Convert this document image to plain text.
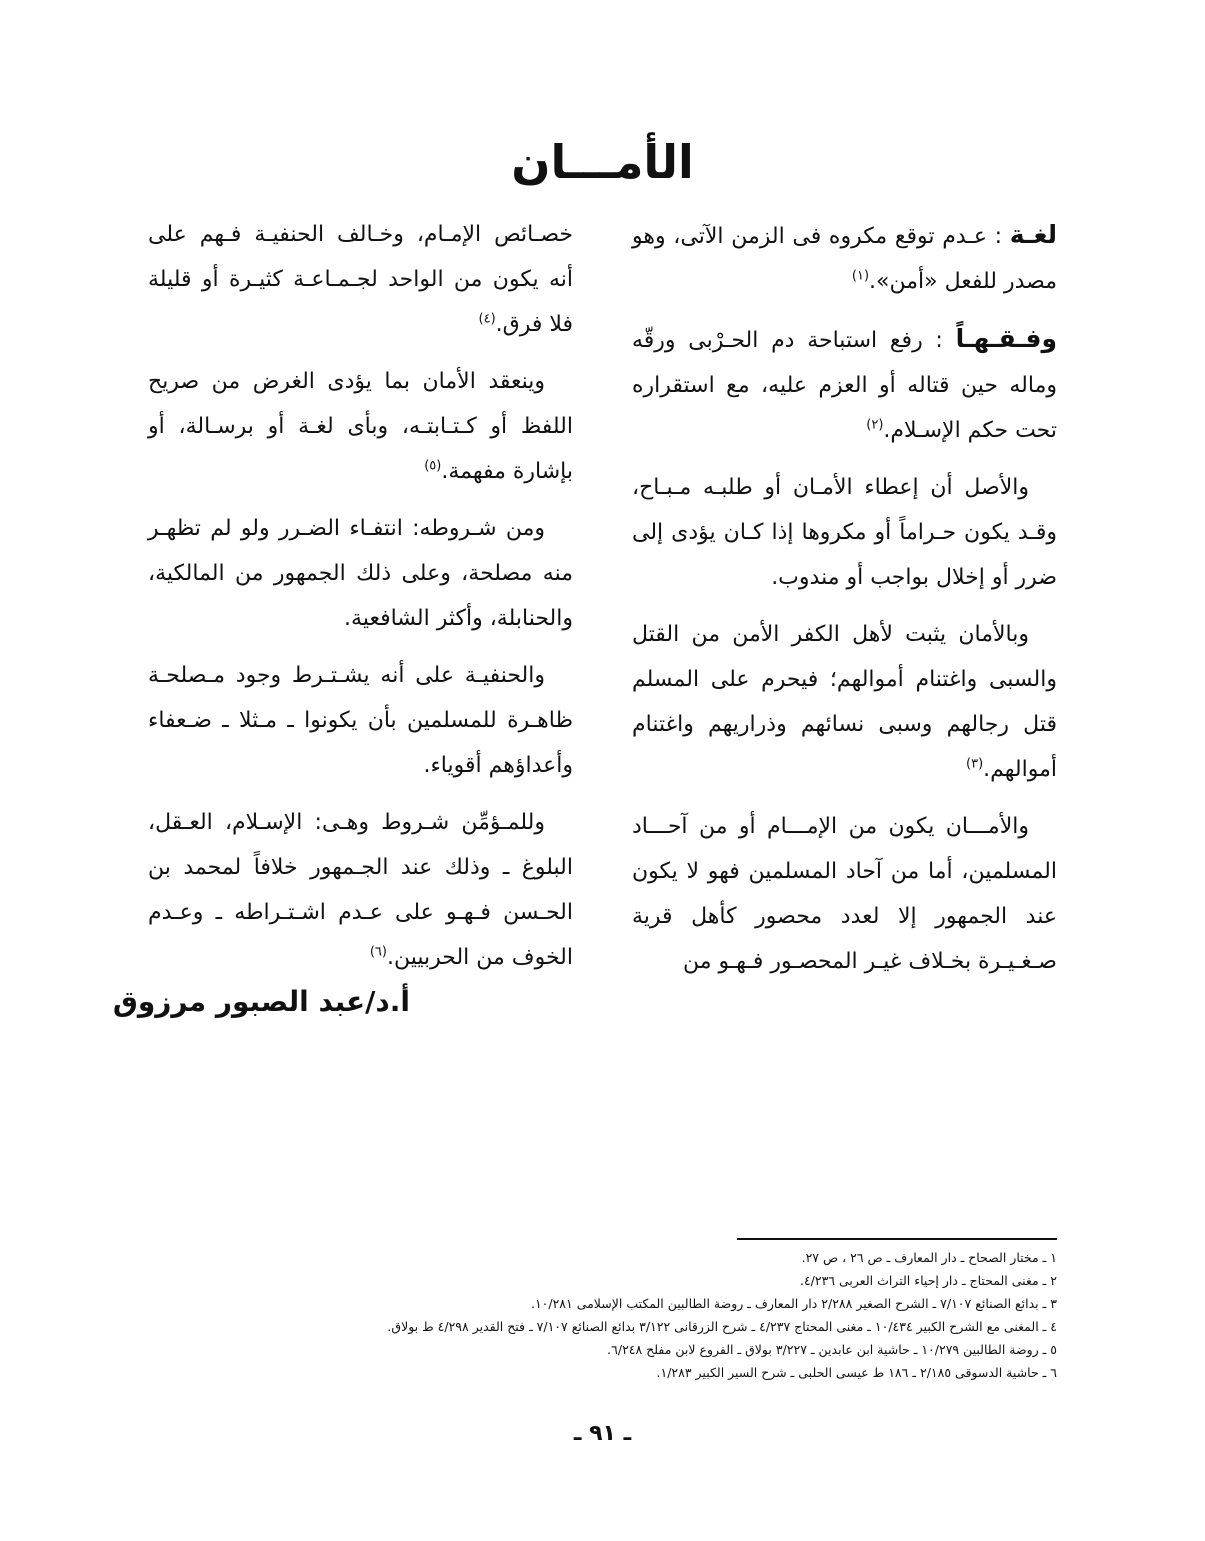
الأمـــان

لغـة : عـدم توقع مكروه فى الزمن الآتى، وهو مصدر للفعل «أمن».$^{(١)}$

وفـقـهـاً : رفع استباحة دم الحـرْبى ورقّه وماله حين قتاله أو العزم عليه، مع استقراره تحت حكم الإسـلام.$^{(٢)}$

والأصل أن إعطاء الأمـان أو طلبـه مـبـاح، وقـد يكون حـراماً أو مكروها إذا كـان يؤدى إلى ضرر أو إخلال بواجب أو مندوب.

وبالأمان يثبت لأهل الكفر الأمن من القتل والسبى واغتنام أموالهم؛ فيحرم على المسلم قتل رجالهم وسبى نسائهم وذراريهم واغتنام أموالهم.$^{(٣)}$

والأمـــان يكون من الإمـــام أو من آحـــاد المسلمين، أما من آحاد المسلمين فهو لا يكون عند الجمهور إلا لعدد محصور كأهل قرية صـغـيـرة بخـلاف غيـر المحصـور فـهـو من

خصـائص الإمـام، وخـالف الحنفيـة فـهم على أنه يكون من الواحد لجـمـاعـة كثيـرة أو قليلة فلا فرق.$^{(٤)}$

وينعقد الأمان بما يؤدى الغرض من صريح اللفظ أو كـتـابتـه، وبأى لغـة أو برسـالة، أو بإشارة مفهمة.$^{(٥)}$

ومن شـروطه: انتفـاء الضـرر ولو لم تظهـر منه مصلحة، وعلى ذلك الجمهور من المالكية، والحنابلة، وأكثر الشافعية.

والحنفيـة على أنه يشـتـرط وجود مـصلحـة ظاهـرة للمسلمين بأن يكونوا ـ مـثلا ـ ضـعفاء وأعداؤهم أقوياء.

وللمـؤمِّن شـروط وهـى: الإسـلام، العـقل، البلوغ ـ وذلك عند الجـمهور خلافاً لمحمد بن الحـسن فـهـو على عـدم اشـتـراطه ـ وعـدم الخوف من الحربيين.$^{(٦)}$

أ.د/عبد الصبور مرزوق
١ ـ مختار الصحاح ـ دار المعارف ـ ص ٢٦ ، ص ٢٧.
٢ ـ مغنى المحتاج ـ دار إحياء التراث العربى ٤/٢٣٦.
٣ ـ بدائع الصنائع ٧/١٠٧ ـ الشرح الصغير ٢/٢٨٨ دار المعارف ـ روضة الطالبين المكتب الإسلامى ١٠/٢٨١.
٤ ـ المغنى مع الشرح الكبير ١٠/٤٣٤ ـ مغنى المحتاج ٤/٢٣٧ ـ شرح الزرقانى ٣/١٢٢ بدائع الصنائع ٧/١٠٧ ـ فتح القدير ٤/٢٩٨ ط بولاق.
٥ ـ روضة الطالبين ١٠/٢٧٩ ـ حاشية ابن عابدين ـ ٣/٢٢٧ بولاق ـ الفروع لابن مفلح ٦/٢٤٨.
٦ ـ حاشية الدسوقى ٢/١٨٥ ـ ١٨٦ ط عيسى الحلبى ـ شرح السير الكبير ١/٢٨٣.
ـ ٩١ ـ
